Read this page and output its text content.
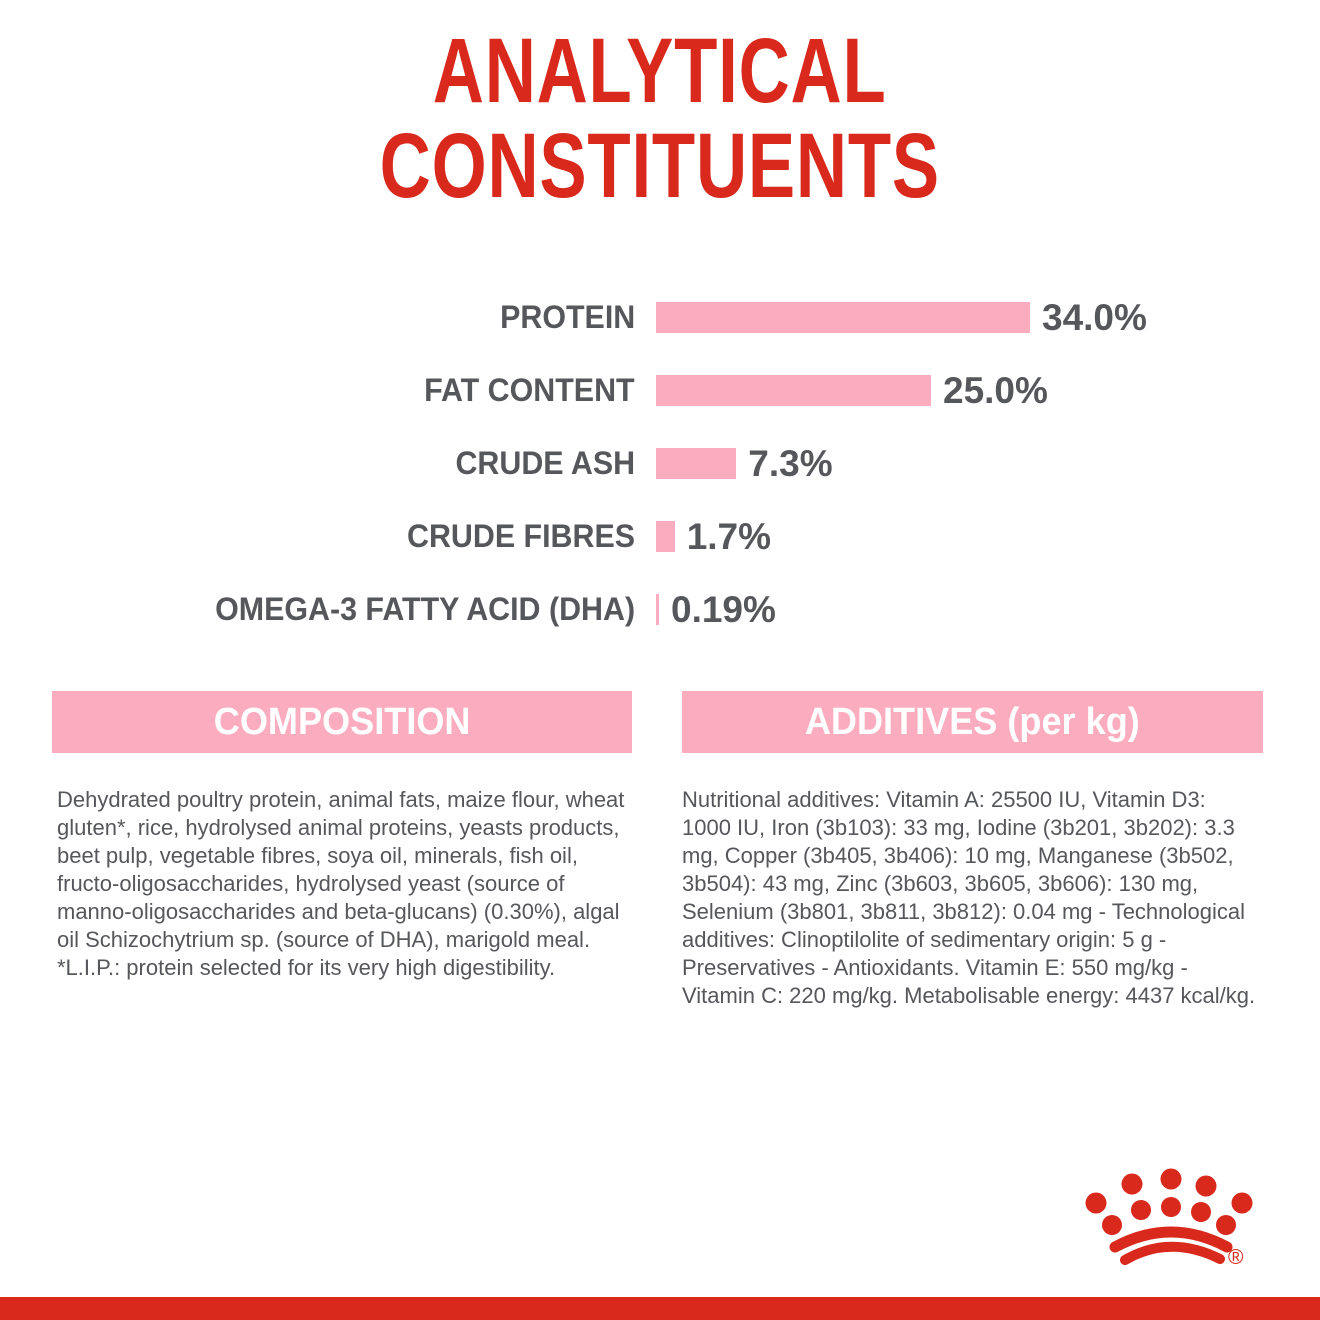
ANALYTICAL
CONSTITUENTS
PROTEIN	34.0%
FAT CONTENT	25.0%
CRUDE ASH	7.3%
CRUDE FIBRES 1.7%
OMEGA-3 FATTY ACID (DHA) 0.19%
COMPOSITION	ADDITIVES (per kg)
Dehydrated poultry protein, animal fats, maize flour, wheat gluten*, rice, hydrolysed animal proteins, yeasts products, beet pulp, vegetable fibres, soya oil, minerals, fish oil, fructo-oligosaccharides, hydrolysed yeast (source of manno-oligosaccharides and beta-glucans) (0.30%), algal oil Schizochytrium sp. (source of DHA), marigold meal. *L.I.P.: protein selected for its very high digestibility.
Nutritional additives: Vitamin A: 25500 IU, Vitamin D3: 1000 IU, Iron (3b103): 33 mg, Iodine (3b201, 3b202): 3.3 mg, Copper (3b405, 3b406): 10 mg, Manganese (3b502, 3b504): 43 mg, Zinc (3b603, 3b605, 3b606): 130 mg, Selenium (3b801, 3b811, 3b812): 0.04 mg - Technological additives: Clinoptilolite of sedimentary origin: 5 g - Preservatives - Antioxidants. Vitamin E: 550 mg/kg - Vitamin C: 220 mg/kg. Metabolisable energy: 4437 kcal/kg.
®
